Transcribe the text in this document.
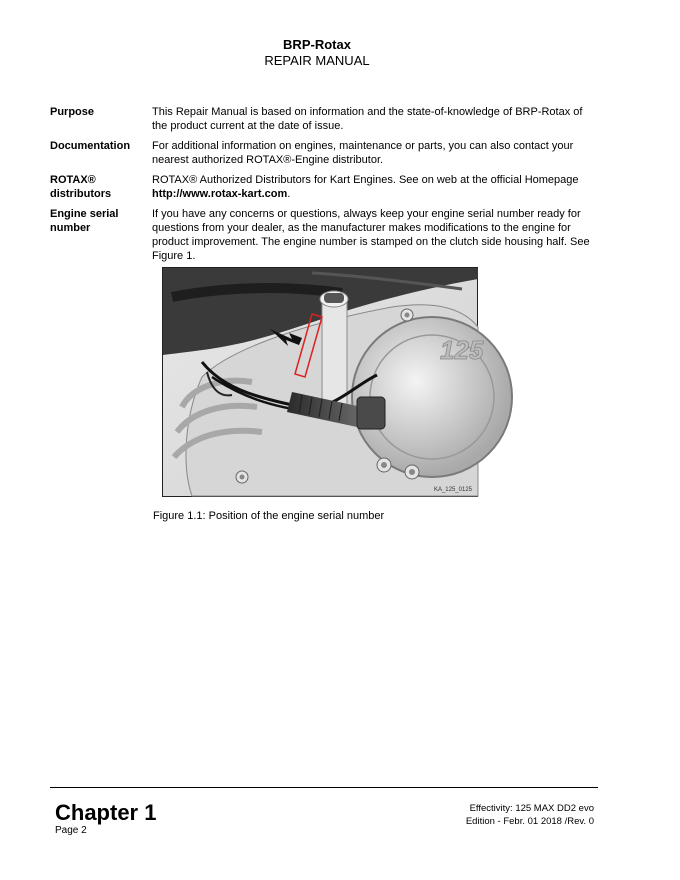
BRP-Rotax
REPAIR MANUAL
Purpose	This Repair Manual is based on information and the state-of-knowledge of BRP-Rotax of the product current at the date of issue.
Documentation	For additional information on engines, maintenance or parts, you can also contact your nearest authorized ROTAX®-Engine distributor.
ROTAX® distributors
ROTAX® Authorized Distributors for Kart Engines. See on web at the official Homepage http://www.rotax-kart.com.
Engine serial number
If you have any concerns or questions, always keep your engine serial number ready for questions from your dealer, as the manufacturer makes modifications to the engine for product improvement. The engine number is stamped on the clutch side housing half. See Figure 1.
125
KA_125_0125
Figure 1.1: Position of the engine serial number
Chapter 1
Page 2
Effectivity: 125 MAX DD2 evo
Edition - Febr. 01 2018 /Rev. 0
